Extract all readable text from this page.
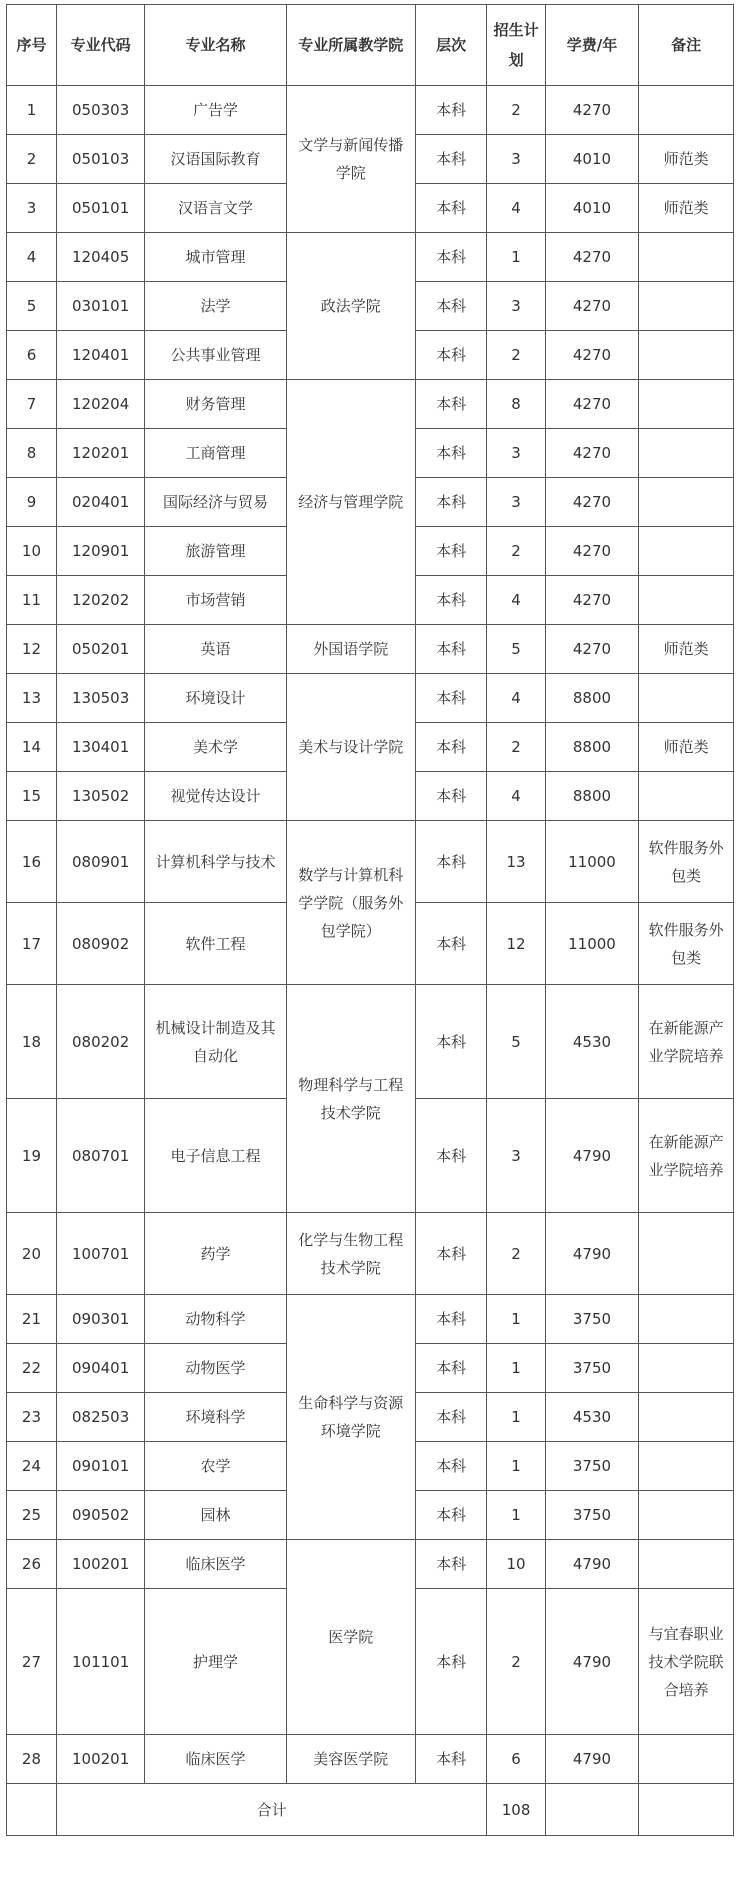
序号	专业代码	专业名称	专业所属教学院	层次	招生计划	学费/年	备注
1	050303	广告学	文学与新闻传播学院	本科	2	4270	
2	050103	汉语国际教育		本科	3	4010	师范类
3	050101	汉语言文学		本科	4	4010	师范类
4	120405	城市管理	政法学院	本科	1	4270	
5	030101	法学		本科	3	4270	
6	120401	公共事业管理		本科	2	4270	
7	120204	财务管理	经济与管理学院	本科	8	4270	
8	120201	工商管理		本科	3	4270	
9	020401	国际经济与贸易		本科	3	4270	
10	120901	旅游管理		本科	2	4270	
11	120202	市场营销		本科	4	4270	
12	050201	英语	外国语学院	本科	5	4270	师范类
13	130503	环境设计	美术与设计学院	本科	4	8800	
14	130401	美术学		本科	2	8800	师范类
15	130502	视觉传达设计		本科	4	8800	
16	080901	计算机科学与技术	数学与计算机科学学院（服务外包学院）	本科	13	11000	软件服务外包类
17	080902	软件工程		本科	12	11000	软件服务外包类
18	080202	机械设计制造及其自动化	物理科学与工程技术学院	本科	5	4530	在新能源产业学院培养
19	080701	电子信息工程		本科	3	4790	在新能源产业学院培养
20	100701	药学	化学与生物工程技术学院	本科	2	4790	
21	090301	动物科学	生命科学与资源环境学院	本科	1	3750	
22	090401	动物医学		本科	1	3750	
23	082503	环境科学		本科	1	4530	
24	090101	农学		本科	1	3750	
25	090502	园林		本科	1	3750	
26	100201	临床医学	医学院	本科	10	4790	
27	101101	护理学		本科	2	4790	与宜春职业技术学院联合培养
28	100201	临床医学	美容医学院	本科	6	4790	
	合计				108		
